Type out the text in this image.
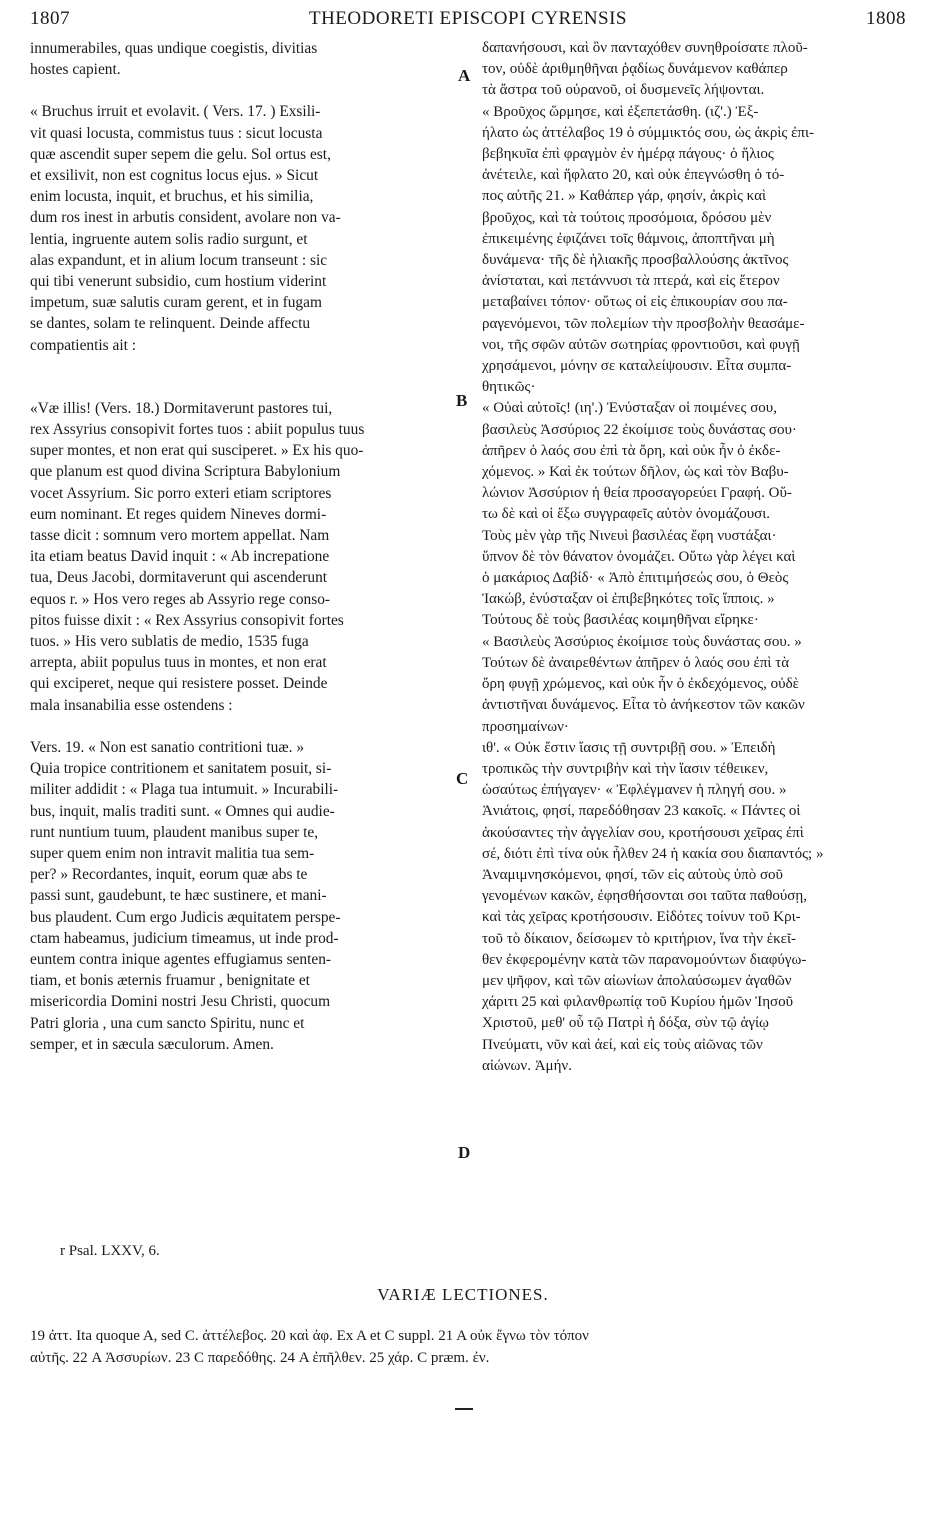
1807	THEODORETI EPISCOPI CYRENSIS	1808
innumerabiles, quas undique coegistis, divitias
hostes capient.
« Bruchus irruit et evolavit. ( Vers. 17. ) Exsili-
vit quasi locusta, commistus tuus : sicut locusta
quæ ascendit super sepem die gelu. Sol ortus est,
et exsilivit, non est cognitus locus ejus. » Sicut
enim locusta, inquit, et bruchus, et his similia,
dum ros inest in arbutis consident, avolare non va-
lentia, ingruente autem solis radio surgunt, et
alas expandunt, et in alium locum transeunt : sic
qui tibi venerunt subsidio, cum hostium viderint
impetum, suæ salutis curam gerent, et in fugam
se dantes, solam te relinquent. Deinde affectu
compatientis ait :
«Væ illis! (Vers. 18.) Dormitaverunt pastores tui,
rex Assyrius consopivit fortes tuos : abiit populus tuus
super montes, et non erat qui susciperet. » Ex his quo-
que planum est quod divina Scriptura Babylonium
vocet Assyrium. Sic porro exteri etiam scriptores
eum nominant. Et reges quidem Nineves dormi-
tasse dicit : somnum vero mortem appellat. Nam
ita etiam beatus David inquit : « Ab increpatione
tua, Deus Jacobi, dormitaverunt qui ascenderunt
equos r. » Hos vero reges ab Assyrio rege conso-
pitos fuisse dixit : « Rex Assyrius consopivit fortes
tuos. » His vero sublatis de medio, 1535 fuga
arrepta, abiit populus tuus in montes, et non erat
qui exciperet, neque qui resistere posset. Deinde
mala insanabilia esse ostendens :
Vers. 19. « Non est sanatio contritioni tuæ. »
Quia tropice contritionem et sanitatem posuit, si-
militer addidit : « Plaga tua intumuit. » Incurabili-
bus, inquit, malis traditi sunt. « Omnes qui audie-
runt nuntium tuum, plaudent manibus super te,
super quem enim non intravit malitia tua sem-
per? » Recordantes, inquit, eorum quæ abs te
passi sunt, gaudebunt, te hæc sustinere, et mani-
bus plaudent. Cum ergo Judicis æquitatem perspe-
ctam habeamus, judicium timeamus, ut inde prod-
euntem contra inique agentes effugiamus senten-
tiam, et bonis æternis fruamur , benignitate et
misericordia Domini nostri Jesu Christi, quocum
Patri gloria , una cum sancto Spiritu, nunc et
semper, et in sæcula sæculorum. Amen.
δαπανήσουσι, καὶ ὃν πανταχόθεν συνηθροίσατε πλοῦ-
τον, οὐδὲ ἀριθμηθῆναι ῥᾳδίως δυνάμενον καθάπερ
τὰ ἄστρα τοῦ οὐρανοῦ, οἱ δυσμενεῖς λήψονται.
« Βροῦχος ὥρμησε, καὶ ἐξεπετάσθη. (ιζ'.) Ἐξ-
ήλατο ὡς ἀττέλαβος 19 ὁ σύμμικτός σου, ὡς ἀκρὶς ἐπι-
βεβηκυῖα ἐπὶ φραγμὸν ἐν ἡμέρᾳ πάγους· ὁ ἥλιος
ἀνέτειλε, καὶ ἥφλατο 20, καὶ οὐκ ἐπεγνώσθη ὁ τό-
πος αὐτῆς 21. » Καθάπερ γάρ, φησίν, ἀκρὶς καὶ
βροῦχος, καὶ τὰ τούτοις προσόμοια, δρόσου μὲν
ἐπικειμένης ἐφιζάνει τοῖς θάμνοις, ἀποπτῆναι μὴ
δυνάμενα· τῆς δὲ ἡλιακῆς προσβαλλούσης ἀκτῖνος
ἀνίσταται, καὶ πετάννυσι τὰ πτερά, καὶ εἰς ἕτερον
μεταβαίνει τόπον· οὕτως οἱ εἰς ἐπικουρίαν σου πα-
ραγενόμενοι, τῶν πολεμίων τὴν προσβολὴν θεασάμε-
νοι, τῆς σφῶν αὐτῶν σωτηρίας φροντιοῦσι, καὶ φυγῇ
χρησάμενοι, μόνην σε καταλείψουσιν. Εἶτα συμπα-
θητικῶς·
« Οὐαὶ αὐτοῖς! (ιη'.) Ἐνύσταξαν οἱ ποιμένες σου,
βασιλεὺς Ἀσσύριος 22 ἐκοίμισε τοὺς δυνάστας σου·
ἀπῆρεν ὁ λαός σου ἐπὶ τὰ ὄρη, καὶ οὐκ ἦν ὁ ἐκδε-
χόμενος. » Καὶ ἐκ τούτων δῆλον, ὡς καὶ τὸν Βαβυ-
λώνιον Ἀσσύριον ἡ θεία προσαγορεύει Γραφή. Οὕ-
τω δὲ καὶ οἱ ἔξω συγγραφεῖς αὐτὸν ὀνομάζουσι.
Τοὺς μὲν γὰρ τῆς Νινευὶ βασιλέας ἔφη νυστάξαι·
ὕπνον δὲ τὸν θάνατον ὀνομάζει. Οὕτω γὰρ λέγει καὶ
ὁ μακάριος Δαβίδ· « Ἀπὸ ἐπιτιμήσεώς σου, ὁ Θεὸς
Ἰακώβ, ἐνύσταξαν οἱ ἐπιβεβηκότες τοῖς ἵπποις. »
Τούτους δὲ τοὺς βασιλέας κοιμηθῆναι εἴρηκε·
« Βασιλεὺς Ἀσσύριος ἐκοίμισε τοὺς δυνάστας σου. »
Τούτων δὲ ἀναιρεθέντων ἀπῆρεν ὁ λαός σου ἐπὶ τὰ
ὄρη φυγῇ χρώμενος, καὶ οὐκ ἦν ὁ ἐκδεχόμενος, οὐδὲ
ἀντιστῆναι δυνάμενος. Εἶτα τὸ ἀνήκεστον τῶν κακῶν
προσημαίνων·
ιθ'. « Οὐκ ἔστιν ἴασις τῇ συντριβῇ σου. » Ἐπειδὴ
τροπικῶς τὴν συντριβὴν καὶ τὴν ἴασιν τέθεικεν,
ὡσαύτως ἐπήγαγεν· « Ἐφλέγμανεν ἡ πληγή σου. »
Ἀνιάτοις, φησί, παρεδόθησαν 23 κακοῖς. « Πάντες οἱ
ἀκούσαντες τὴν ἀγγελίαν σου, κροτήσουσι χεῖρας ἐπὶ
σέ, διότι ἐπὶ τίνα οὐκ ἦλθεν 24 ἡ κακία σου διαπαντός; »
Ἀναμιμνησκόμενοι, φησί, τῶν εἰς αὐτοὺς ὑπὸ σοῦ
γενομένων κακῶν, ἐφησθήσονται σοι ταῦτα παθούσῃ,
καὶ τὰς χεῖρας κροτήσουσιν. Εἰδότες τοίνυν τοῦ Κρι-
τοῦ τὸ δίκαιον, δείσωμεν τὸ κριτήριον, ἵνα τὴν ἐκεῖ-
θεν ἐκφερομένην κατὰ τῶν παρανομούντων διαφύγω-
μεν ψῆφον, καὶ τῶν αἰωνίων ἀπολαύσωμεν ἀγαθῶν
χάριτι 25 καὶ φιλανθρωπίᾳ τοῦ Κυρίου ἡμῶν Ἰησοῦ
Χριστοῦ, μεθ' οὗ τῷ Πατρὶ ἡ δόξα, σὺν τῷ ἁγίῳ
Πνεύματι, νῦν καὶ ἀεί, καὶ εἰς τοὺς αἰῶνας τῶν
αἰώνων. Ἀμήν.
A
B
C
D
r Psal. LXXV, 6.
VARIÆ LECTIONES.
19 ἀττ. Ita quoque A, sed C. ἀττέλεβος. 20 καὶ ἀφ. Ex A et C suppl. 21 A οὐκ ἔγνω τὸν τόπον
αὐτῆς. 22 A Ἀσσυρίων. 23 C παρεδόθης. 24 A ἐπῆλθεν. 25 χάρ. C præm. ἐν.
